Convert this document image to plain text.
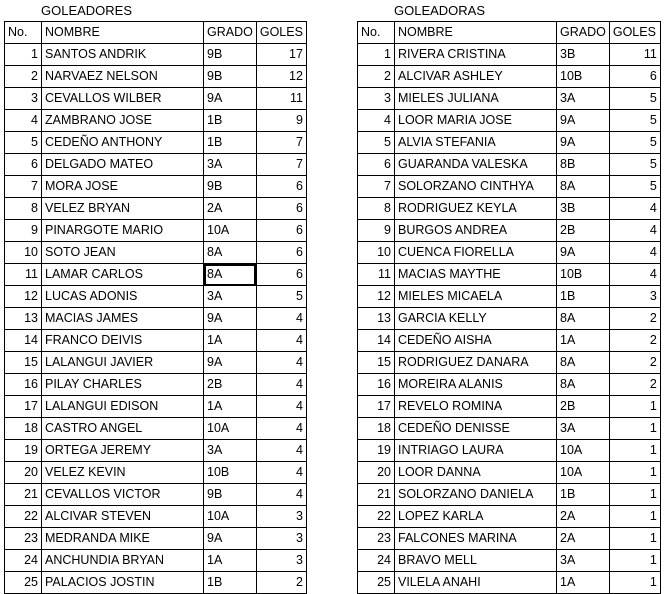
GOLEADORES
No.	NOMBRE	GRADO	GOLES
1	SANTOS ANDRIK	9B	17
2	NARVAEZ NELSON	9B	12
3	CEVALLOS WILBER	9A	11
4	ZAMBRANO JOSE	1B	9
5	CEDEÑO ANTHONY	1B	7
6	DELGADO MATEO	3A	7
7	MORA JOSE	9B	6
8	VELEZ BRYAN	2A	6
9	PINARGOTE MARIO	10A	6
10	SOTO JEAN	8A	6
11	LAMAR CARLOS	8A	6
12	LUCAS ADONIS	3A	5
13	MACIAS JAMES	9A	4
14	FRANCO DEIVIS	1A	4
15	LALANGUI JAVIER	9A	4
16	PILAY CHARLES	2B	4
17	LALANGUI EDISON	1A	4
18	CASTRO ANGEL	10A	4
19	ORTEGA JEREMY	3A	4
20	VELEZ KEVIN	10B	4
21	CEVALLOS VICTOR	9B	4
22	ALCIVAR STEVEN	10A	3
23	MEDRANDA MIKE	9A	3
24	ANCHUNDIA BRYAN	1A	3
25	PALACIOS JOSTIN	1B	2
GOLEADORAS
No.	NOMBRE	GRADO	GOLES
1	RIVERA CRISTINA	3B	11
2	ALCIVAR ASHLEY	10B	6
3	MIELES JULIANA	3A	5
4	LOOR MARIA JOSE	9A	5
5	ALVIA STEFANIA	9A	5
6	GUARANDA VALESKA	8B	5
7	SOLORZANO CINTHYA	8A	5
8	RODRIGUEZ KEYLA	3B	4
9	BURGOS ANDREA	2B	4
10	CUENCA FIORELLA	9A	4
11	MACIAS MAYTHE	10B	4
12	MIELES MICAELA	1B	3
13	GARCIA KELLY	8A	2
14	CEDEÑO AISHA	1A	2
15	RODRIGUEZ DANARA	8A	2
16	MOREIRA ALANIS	8A	2
17	REVELO ROMINA	2B	1
18	CEDEÑO DENISSE	3A	1
19	INTRIAGO LAURA	10A	1
20	LOOR DANNA	10A	1
21	SOLORZANO DANIELA	1B	1
22	LOPEZ KARLA	2A	1
23	FALCONES MARINA	2A	1
24	BRAVO MELL	3A	1
25	VILELA ANAHI	1A	1
